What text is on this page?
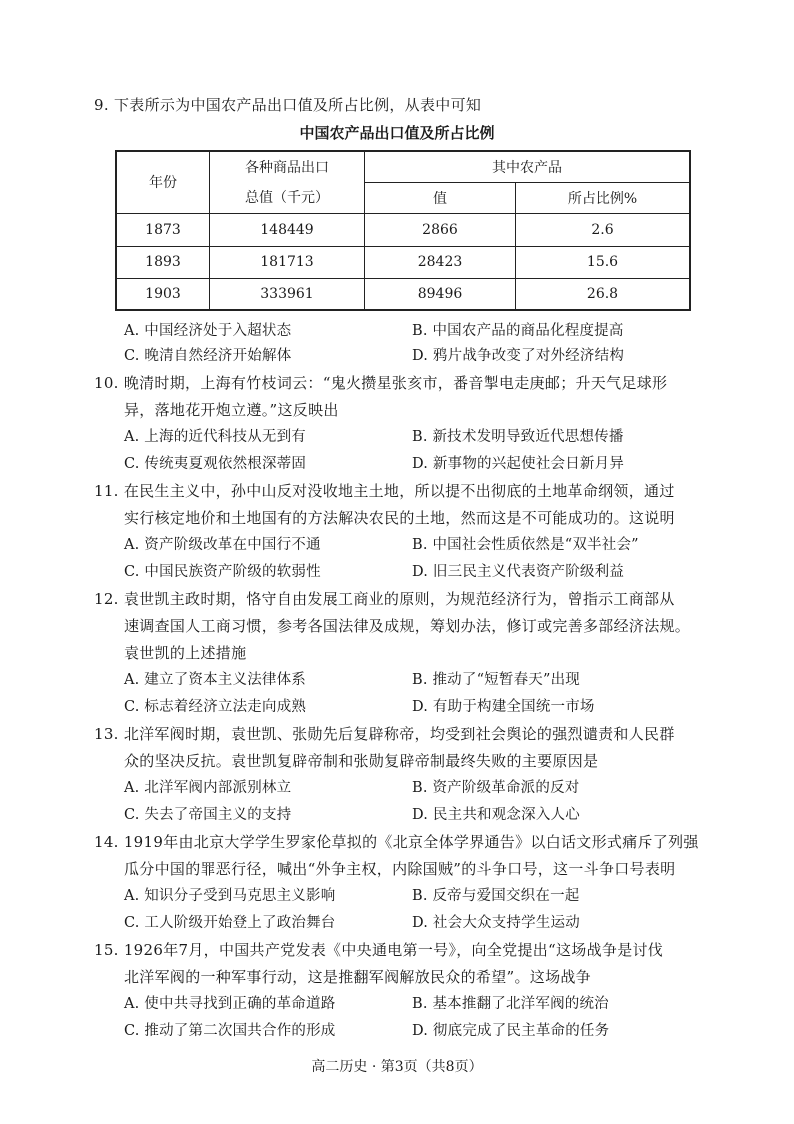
9. 下表所示为中国农产品出口值及所占比例，从表中可知
中国农产品出口值及所占比例
年份	各种商品出口	其中农产品	
	总值（千元）	值	所占比例%
1873	148449	2866	2.6
1893	181713	28423	15.6
1903	333961	89496	26.8
A. 中国经济处于入超状态	B. 中国农产品的商品化程度提高
C. 晚清自然经济开始解体	D. 鸦片战争改变了对外经济结构
10. 晚清时期，上海有竹枝词云：“鬼火攒星张亥市，番音掣电走庚邮；升天气足球形
异，落地花开炮立遵。”这反映出
A. 上海的近代科技从无到有	B. 新技术发明导致近代思想传播
C. 传统夷夏观依然根深蒂固	D. 新事物的兴起使社会日新月异
11. 在民生主义中，孙中山反对没收地主土地，所以提不出彻底的土地革命纲领，通过
实行核定地价和土地国有的方法解决农民的土地，然而这是不可能成功的。这说明
A. 资产阶级改革在中国行不通	B. 中国社会性质依然是“双半社会”
C. 中国民族资产阶级的软弱性	D. 旧三民主义代表资产阶级利益
12. 袁世凯主政时期，恪守自由发展工商业的原则，为规范经济行为，曾指示工商部从
速调查国人工商习惯，参考各国法律及成规，筹划办法，修订或完善多部经济法规。
袁世凯的上述措施
A. 建立了资本主义法律体系	B. 推动了“短暂春天”出现
C. 标志着经济立法走向成熟	D. 有助于构建全国统一市场
13. 北洋军阀时期，袁世凯、张勋先后复辟称帝，均受到社会舆论的强烈谴责和人民群
众的坚决反抗。袁世凯复辟帝制和张勋复辟帝制最终失败的主要原因是
A. 北洋军阀内部派别林立	B. 资产阶级革命派的反对
C. 失去了帝国主义的支持	D. 民主共和观念深入人心
14. 1919年由北京大学学生罗家伦草拟的《北京全体学界通告》以白话文形式痛斥了列强
瓜分中国的罪恶行径，喊出“外争主权，内除国贼”的斗争口号，这一斗争口号表明
A. 知识分子受到马克思主义影响	B. 反帝与爱国交织在一起
C. 工人阶级开始登上了政治舞台	D. 社会大众支持学生运动
15. 1926年7月，中国共产党发表《中央通电第一号》，向全党提出“这场战争是讨伐
北洋军阀的一种军事行动，这是推翻军阀解放民众的希望”。这场战争
A. 使中共寻找到正确的革命道路	B. 基本推翻了北洋军阀的统治
C. 推动了第二次国共合作的形成	D. 彻底完成了民主革命的任务
高二历史 · 第3页（共8页）
